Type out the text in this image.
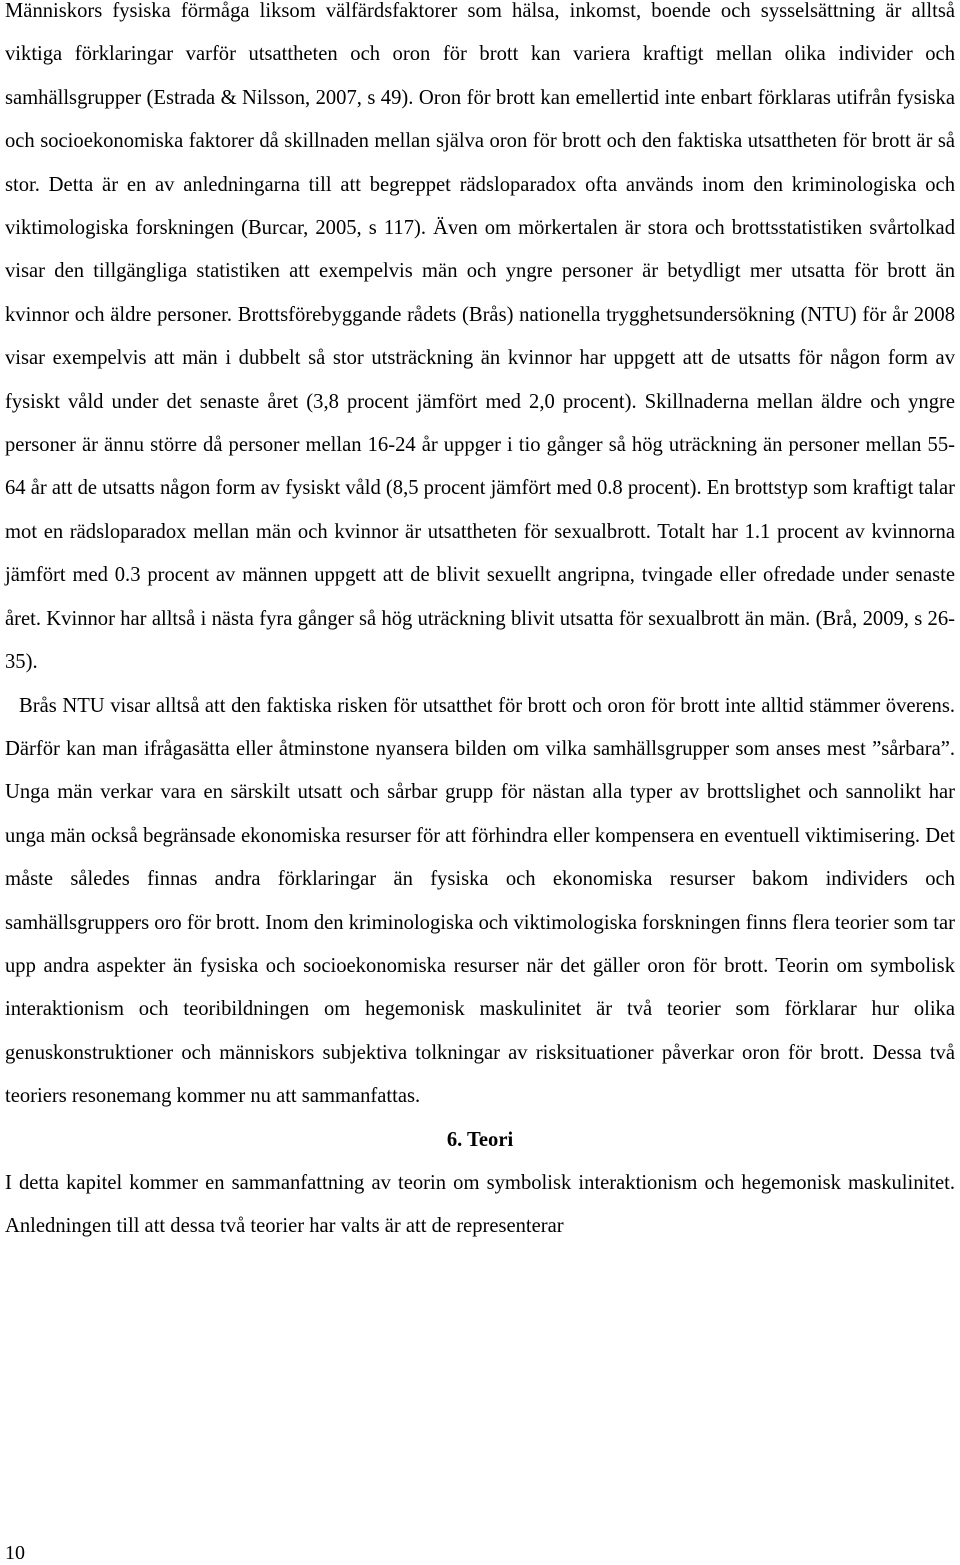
Människors fysiska förmåga liksom välfärdsfaktorer som hälsa, inkomst, boende och sysselsättning är alltså viktiga förklaringar varför utsattheten och oron för brott kan variera kraftigt mellan olika individer och samhällsgrupper (Estrada & Nilsson, 2007, s 49). Oron för brott kan emellertid inte enbart förklaras utifrån fysiska och socioekonomiska faktorer då skillnaden mellan själva oron för brott och den faktiska utsattheten för brott är så stor. Detta är en av anledningarna till att begreppet rädsloparadox ofta används inom den kriminologiska och viktimologiska forskningen (Burcar, 2005, s 117). Även om mörkertalen är stora och brottsstatistiken svårtolkad visar den tillgängliga statistiken att exempelvis män och yngre personer är betydligt mer utsatta för brott än kvinnor och äldre personer. Brottsförebyggande rådets (Brås) nationella trygghetsundersökning (NTU) för år 2008 visar exempelvis att män i dubbelt så stor utsträckning än kvinnor har uppgett att de utsatts för någon form av fysiskt våld under det senaste året (3,8 procent jämfört med 2,0 procent). Skillnaderna mellan äldre och yngre personer är ännu större då personer mellan 16-24 år uppger i tio gånger så hög uträckning än personer mellan 55-64 år att de utsatts någon form av fysiskt våld (8,5 procent jämfört med 0.8 procent). En brottstyp som kraftigt talar mot en rädsloparadox mellan män och kvinnor är utsattheten för sexualbrott. Totalt har 1.1 procent av kvinnorna jämfört med 0.3 procent av männen uppgett att de blivit sexuellt angripna, tvingade eller ofredade under senaste året. Kvinnor har alltså i nästa fyra gånger så hög uträckning blivit utsatta för sexualbrott än män. (Brå, 2009, s 26-35).

Brås NTU visar alltså att den faktiska risken för utsatthet för brott och oron för brott inte alltid stämmer överens. Därför kan man ifrågasätta eller åtminstone nyansera bilden om vilka samhällsgrupper som anses mest ”sårbara”. Unga män verkar vara en särskilt utsatt och sårbar grupp för nästan alla typer av brottslighet och sannolikt har unga män också begränsade ekonomiska resurser för att förhindra eller kompensera en eventuell viktimisering. Det måste således finnas andra förklaringar än fysiska och ekonomiska resurser bakom individers och samhällsgruppers oro för brott. Inom den kriminologiska och viktimologiska forskningen finns flera teorier som tar upp andra aspekter än fysiska och socioekonomiska resurser när det gäller oron för brott. Teorin om symbolisk interaktionism och teoribildningen om hegemonisk maskulinitet är två teorier som förklarar hur olika genuskonstruktioner och människors subjektiva tolkningar av risksituationer påverkar oron för brott. Dessa två teoriers resonemang kommer nu att sammanfattas.

6. Teori

I detta kapitel kommer en sammanfattning av teorin om symbolisk interaktionism och hegemonisk maskulinitet. Anledningen till att dessa två teorier har valts är att de representerar

10
